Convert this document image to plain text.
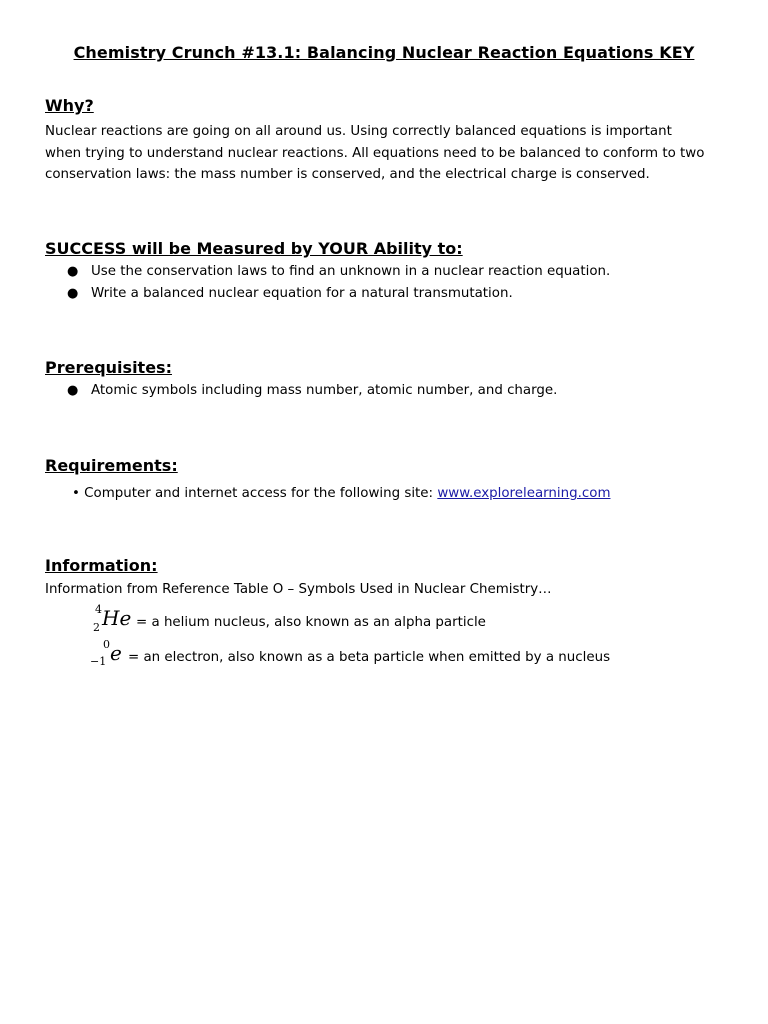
Chemistry Crunch #13.1: Balancing Nuclear Reaction Equations KEY
Why?
Nuclear reactions are going on all around us. Using correctly balanced equations is important
when trying to understand nuclear reactions. All equations need to be balanced to conform to two
conservation laws: the mass number is conserved, and the electrical charge is conserved.
SUCCESS will be Measured by YOUR Ability to:
● Use the conservation laws to find an unknown in a nuclear reaction equation.
● Write a balanced nuclear equation for a natural transmutation.
Prerequisites:
● Atomic symbols including mass number, atomic number, and charge.
Requirements:
• Computer and internet access for the following site: www.explorelearning.com
Information:
Information from Reference Table O – Symbols Used in Nuclear Chemistry…
4
2 He = a helium nucleus, also known as an alpha particle
0
−1 e = an electron, also known as a beta particle when emitted by a nucleus
